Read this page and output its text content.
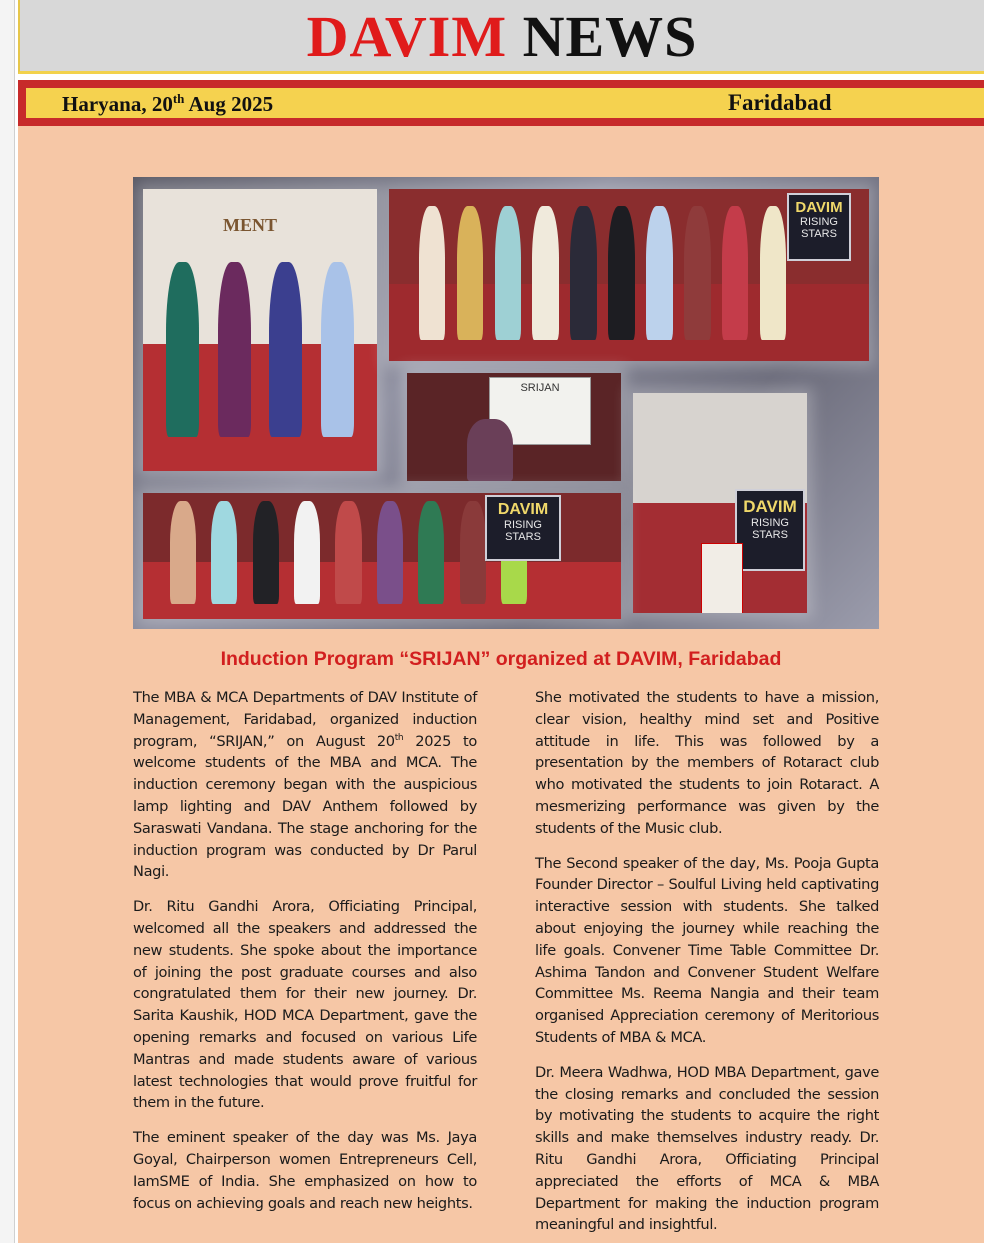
DAVIM NEWS
Haryana, 20th Aug 2025	Faridabad
MENT
DAVIM
RISING STARS
SRIJAN
DAVIM
RISING STARS
DAVIM
RISING STARS
Induction Program “SRIJAN” organized at DAVIM, Faridabad

The MBA & MCA Departments of DAV Institute of Management, Faridabad, organized induction program, “SRIJAN,” on August 20th 2025 to welcome students of the MBA and MCA. The induction ceremony began with the auspicious lamp lighting and DAV Anthem followed by Saraswati Vandana. The stage anchoring for the induction program was conducted by Dr Parul Nagi.

Dr. Ritu Gandhi Arora, Officiating Principal, welcomed all the speakers and addressed the new students. She spoke about the importance of joining the post graduate courses and also congratulated them for their new journey. Dr. Sarita Kaushik, HOD MCA Department, gave the opening remarks and focused on various Life Mantras and made students aware of various latest technologies that would prove fruitful for them in the future.

The eminent speaker of the day was Ms. Jaya Goyal, Chairperson women Entrepreneurs Cell, IamSME of India. She emphasized on how to focus on achieving goals and reach new heights.

She motivated the students to have a mission, clear vision, healthy mind set and Positive attitude in life. This was followed by a presentation by the members of Rotaract club who motivated the students to join Rotaract. A mesmerizing performance was given by the students of the Music club.

The Second speaker of the day, Ms. Pooja Gupta Founder Director – Soulful Living held captivating interactive session with students. She talked about enjoying the journey while reaching the life goals. Convener Time Table Committee Dr. Ashima Tandon and Convener Student Welfare Committee Ms. Reema Nangia and their team organised Appreciation ceremony of Meritorious Students of MBA & MCA.

Dr. Meera Wadhwa, HOD MBA Department, gave the closing remarks and concluded the session by motivating the students to acquire the right skills and make themselves industry ready. Dr. Ritu Gandhi Arora, Officiating Principal appreciated the efforts of MCA & MBA Department for making the induction program meaningful and insightful.
